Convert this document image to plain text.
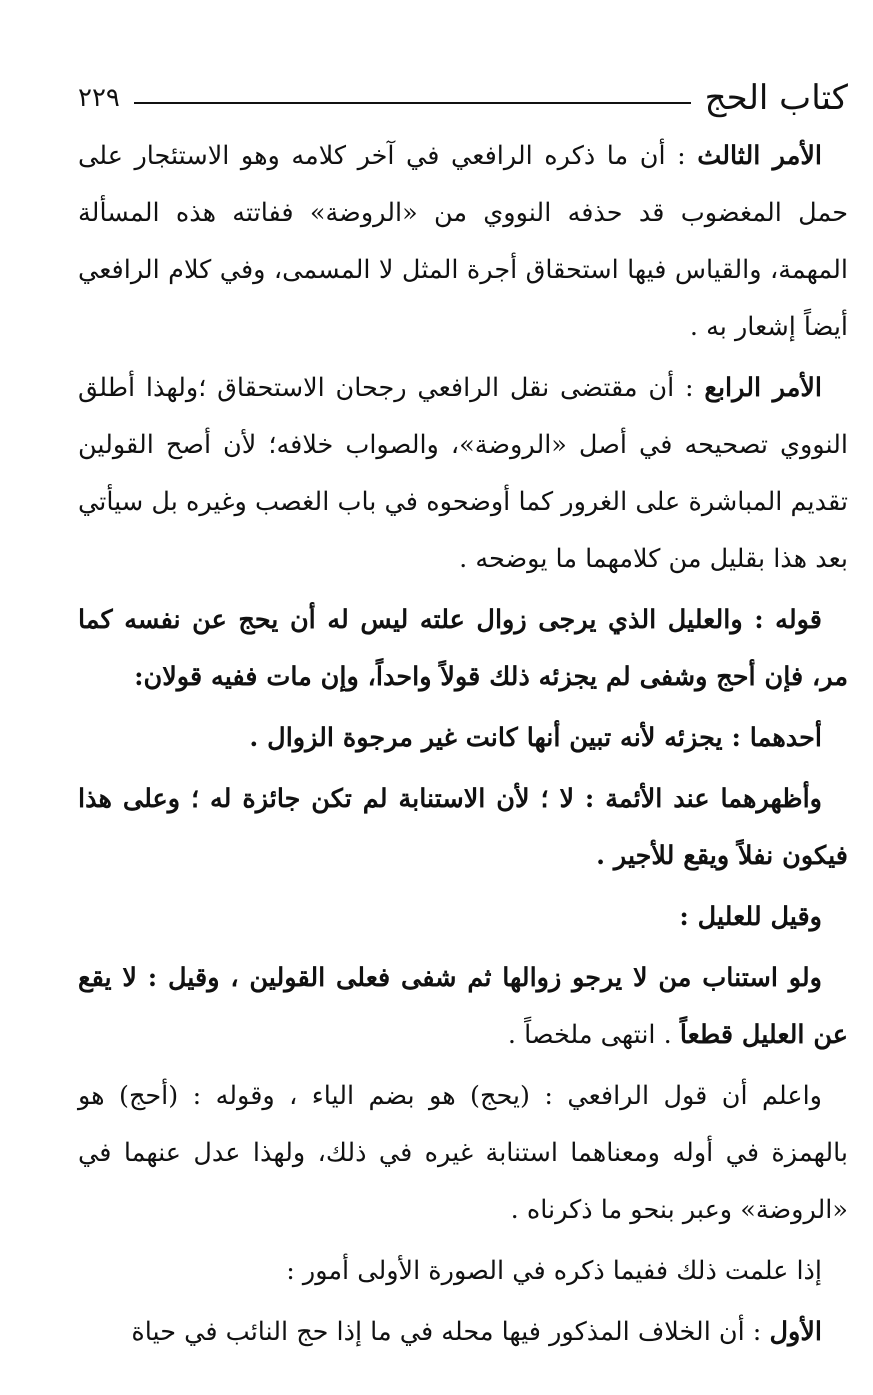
كتاب الحج
٢٢٩

الأمر الثالث : أن ما ذكره الرافعي في آخر كلامه وهو الاستئجار على حمل المغضوب قد حذفه النووي من «الروضة» ففاتته هذه المسألة المهمة، والقياس فيها استحقاق أجرة المثل لا المسمى، وفي كلام الرافعي أيضاً إشعار به .

الأمر الرابع : أن مقتضى نقل الرافعي رجحان الاستحقاق ؛ولهذا أطلق النووي تصحيحه في أصل «الروضة»، والصواب خلافه؛ لأن أصح القولين تقديم المباشرة على الغرور كما أوضحوه في باب الغصب وغيره بل سيأتي بعد هذا بقليل من كلامهما ما يوضحه .

قوله : والعليل الذي يرجى زوال علته ليس له أن يحج عن نفسه كما مر، فإن أحج وشفى لم يجزئه ذلك قولاً واحداً، وإن مات ففيه قولان:

أحدهما : يجزئه لأنه تبين أنها كانت غير مرجوة الزوال .

وأظهرهما عند الأئمة : لا ؛ لأن الاستنابة لم تكن جائزة له ؛ وعلى هذا فيكون نفلاً ويقع للأجير .

وقيل للعليل :

ولو استناب من لا يرجو زوالها ثم شفى فعلى القولين ، وقيل : لا يقع عن العليل قطعاً . انتهى ملخصاً .

واعلم أن قول الرافعي : (يحج) هو بضم الياء ، وقوله : (أحج) هو بالهمزة في أوله ومعناهما استنابة غيره في ذلك، ولهذا عدل عنهما في «الروضة» وعبر بنحو ما ذكرناه .

إذا علمت ذلك ففيما ذكره في الصورة الأولى أمور :

الأول : أن الخلاف المذكور فيها محله في ما إذا حج النائب في حياة
